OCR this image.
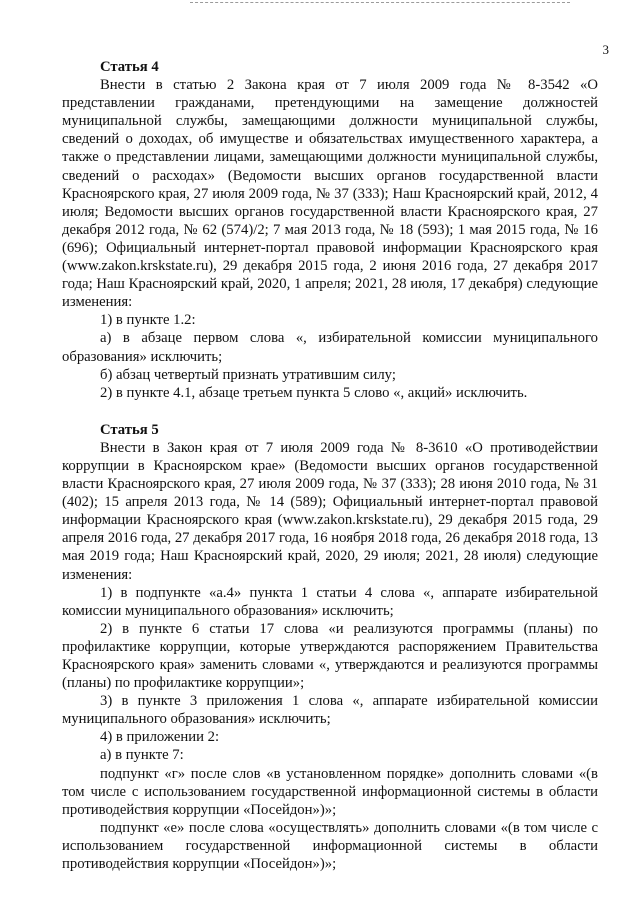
3
Статья 4

Внести в статью 2 Закона края от 7 июля 2009 года № 8-3542 «О представлении гражданами, претендующими на замещение должностей муниципальной службы, замещающими должности муниципальной службы, сведений о доходах, об имуществе и обязательствах имущественного характера, а также о представлении лицами, замещающими должности муниципальной службы, сведений о расходах» (Ведомости высших органов государственной власти Красноярского края, 27 июля 2009 года, № 37 (333); Наш Красноярский край, 2012, 4 июля; Ведомости высших органов государственной власти Красноярского края, 27 декабря 2012 года, № 62 (574)/2; 7 мая 2013 года, № 18 (593); 1 мая 2015 года, № 16 (696); Официальный интернет-портал правовой информации Красноярского края (www.zakon.krskstate.ru), 29 декабря 2015 года, 2 июня 2016 года, 27 декабря 2017 года; Наш Красноярский край, 2020, 1 апреля; 2021, 28 июля, 17 декабря) следующие изменения:

1) в пункте 1.2:

а) в абзаце первом слова «, избирательной комиссии муниципального образования» исключить;

б) абзац четвертый признать утратившим силу;

2) в пункте 4.1, абзаце третьем пункта 5 слово «, акций» исключить.

Статья 5

Внести в Закон края от 7 июля 2009 года № 8-3610 «О противодействии коррупции в Красноярском крае» (Ведомости высших органов государственной власти Красноярского края, 27 июля 2009 года, № 37 (333); 28 июня 2010 года, № 31 (402); 15 апреля 2013 года, № 14 (589); Официальный интернет-портал правовой информации Красноярского края (www.zakon.krskstate.ru), 29 декабря 2015 года, 29 апреля 2016 года, 27 декабря 2017 года, 16 ноября 2018 года, 26 декабря 2018 года, 13 мая 2019 года; Наш Красноярский край, 2020, 29 июля; 2021, 28 июля) следующие изменения:

1) в подпункте «а.4» пункта 1 статьи 4 слова «, аппарате избирательной комиссии муниципального образования» исключить;

2) в пункте 6 статьи 17 слова «и реализуются программы (планы) по профилактике коррупции, которые утверждаются распоряжением Правительства Красноярского края» заменить словами «, утверждаются и реализуются программы (планы) по профилактике коррупции»;

3) в пункте 3 приложения 1 слова «, аппарате избирательной комиссии муниципального образования» исключить;

4) в приложении 2:

а) в пункте 7:

подпункт «г» после слов «в установленном порядке» дополнить словами «(в том числе с использованием государственной информационной системы в области противодействия коррупции «Посейдон»)»;

подпункт «е» после слова «осуществлять» дополнить словами «(в том числе с использованием государственной информационной системы в области противодействия коррупции «Посейдон»)»;
